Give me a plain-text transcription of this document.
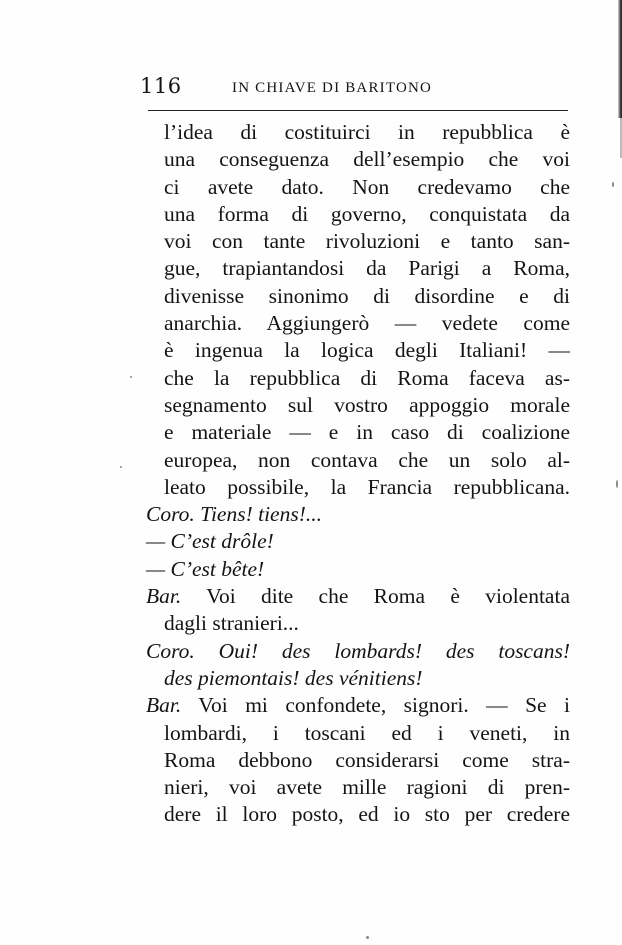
116	IN CHIAVE DI BARITONO
l’idea di costituirci in repubblica è
una conseguenza dell’esempio che voi
ci avete dato. Non credevamo che
una forma di governo, conquistata da
voi con tante rivoluzioni e tanto san-
gue, trapiantandosi da Parigi a Roma,
divenisse sinonimo di disordine e di
anarchia. Aggiungerò — vedete come
è ingenua la logica degli Italiani! —
che la repubblica di Roma faceva as-
segnamento sul vostro appoggio morale
e materiale — e in caso di coalizione
europea, non contava che un solo al-
leato possibile, la Francia repubblicana.
Coro. Tiens! tiens!...
— C’est drôle!
— C’est bête!
Bar. Voi dite che Roma è violentata
dagli stranieri...
Coro. Oui! des lombards! des toscans!
des piemontais! des vénitiens!
Bar. Voi mi confondete, signori. — Se i
lombardi, i toscani ed i veneti, in
Roma debbono considerarsi come stra-
nieri, voi avete mille ragioni di pren-
dere il loro posto, ed io sto per credere
